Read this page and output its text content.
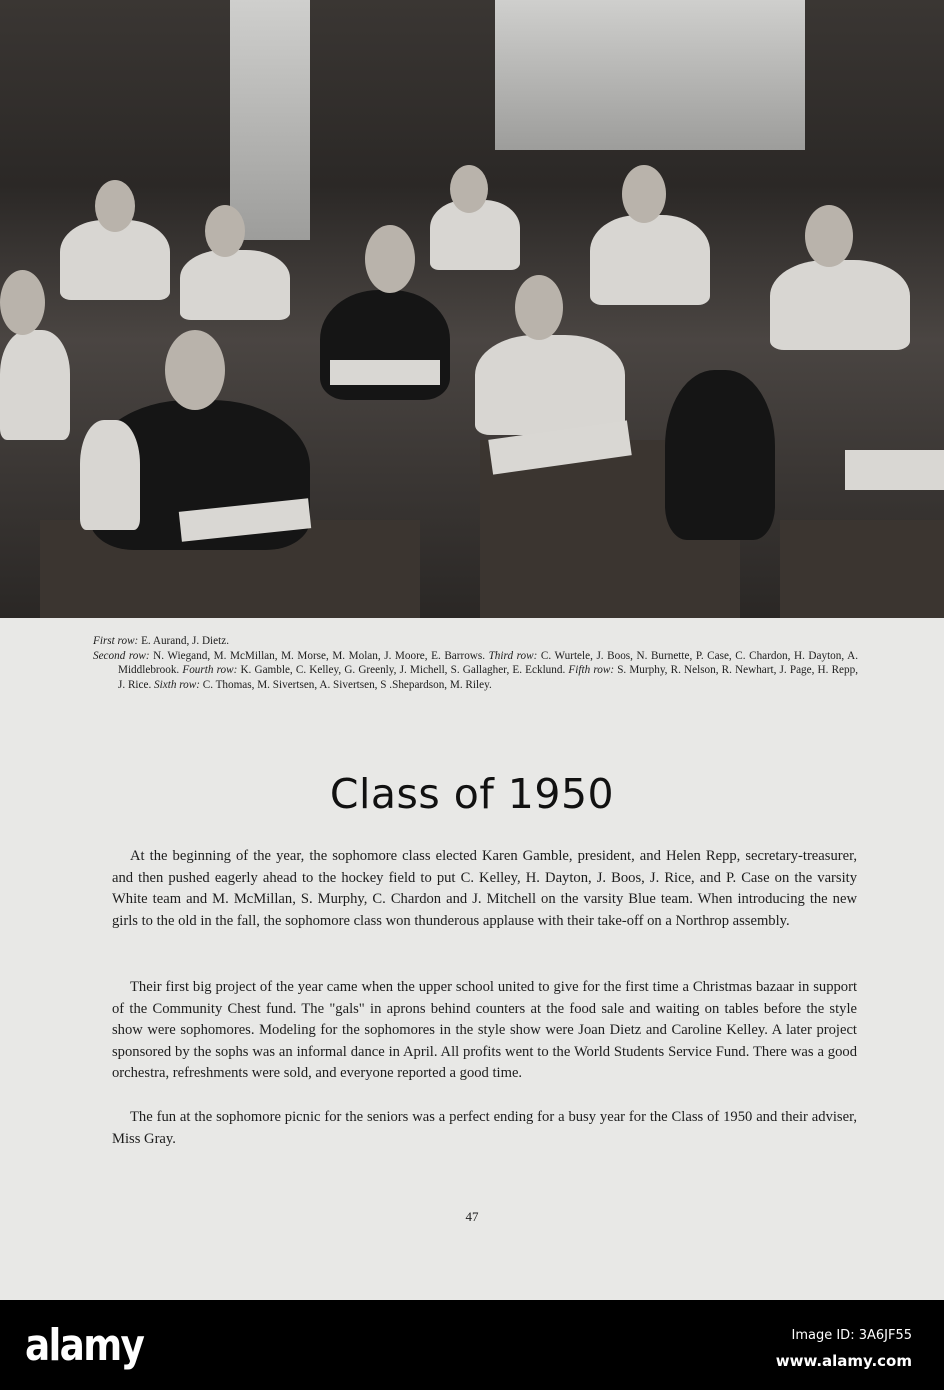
First row: E. Aurand, J. Dietz.
Second row: N. Wiegand, M. McMillan, M. Morse, M. Molan, J. Moore, E. Barrows. Third row: C. Wurtele, J. Boos, N. Burnette, P. Case, C. Chardon, H. Dayton, A. Middlebrook. Fourth row: K. Gamble, C. Kelley, G. Greenly, J. Michell, S. Gallagher, E. Ecklund. Fifth row: S. Murphy, R. Nelson, R. Newhart, J. Page, H. Repp, J. Rice. Sixth row: C. Thomas, M. Sivertsen, A. Sivertsen, S .Shepardson, M. Riley.
Class of 1950

At the beginning of the year, the sophomore class elected Karen Gamble, president, and Helen Repp, secretary-treasurer, and then pushed eagerly ahead to the hockey field to put C. Kelley, H. Dayton, J. Boos, J. Rice, and P. Case on the varsity White team and M. McMillan, S. Murphy, C. Chardon and J. Mitchell on the varsity Blue team. When introducing the new girls to the old in the fall, the sophomore class won thunderous applause with their take-off on a Northrop assembly.

Their first big project of the year came when the upper school united to give for the first time a Christmas bazaar in support of the Community Chest fund. The "gals" in aprons behind counters at the food sale and waiting on tables before the style show were sophomores. Modeling for the sophomores in the style show were Joan Dietz and Caroline Kelley. A later project sponsored by the sophs was an informal dance in April. All profits went to the World Students Service Fund. There was a good orchestra, refreshments were sold, and everyone reported a good time.

The fun at the sophomore picnic for the seniors was a perfect ending for a busy year for the Class of 1950 and their adviser, Miss Gray.

47
alamy	Image ID: 3A6JF55
www.alamy.com
